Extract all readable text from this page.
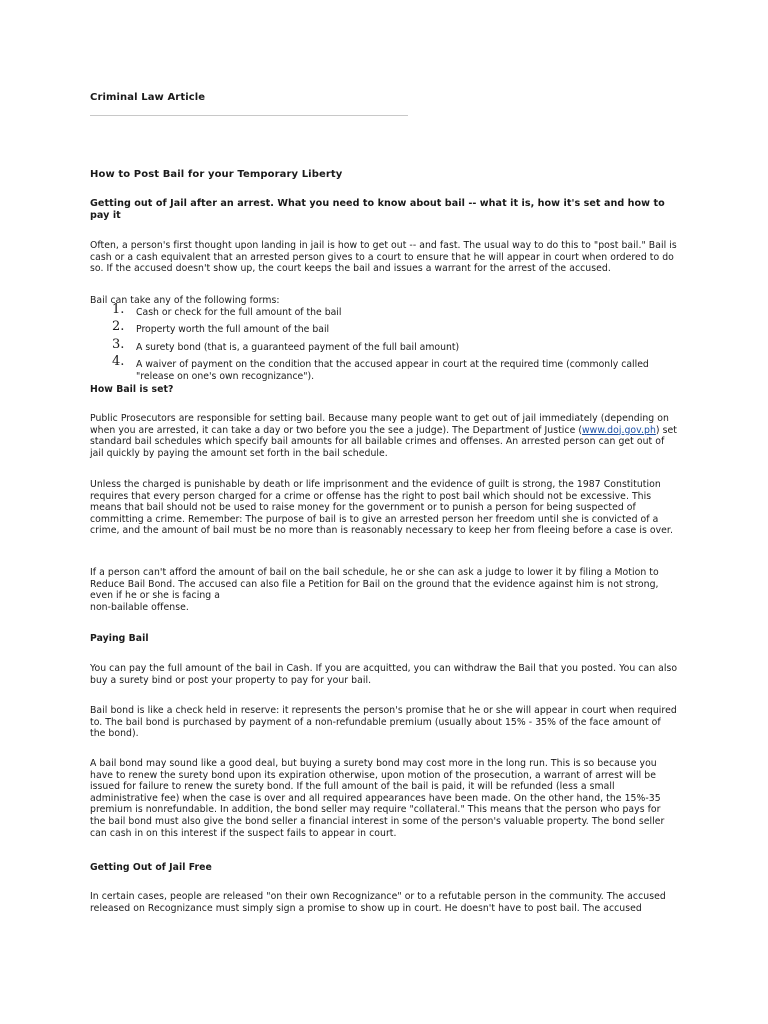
Criminal Law Article
How to Post Bail for your Temporary Liberty
Getting out of Jail after an arrest. What you need to know about bail -- what it is, how it's set and how to pay it
Often, a person's first thought upon landing in jail is how to get out -- and fast. The usual way to do this to "post bail." Bail is cash or a cash equivalent that an arrested person gives to a court to ensure that he will appear in court when ordered to do so. If the accused doesn't show up, the court keeps the bail and issues a warrant for the arrest of the accused.
Bail can take any of the following forms:
1. Cash or check for the full amount of the bail
2. Property worth the full amount of the bail
3. A surety bond (that is, a guaranteed payment of the full bail amount)
4. A waiver of payment on the condition that the accused appear in court at the required time (commonly called "release on one's own recognizance").
How Bail is set?
Public Prosecutors are responsible for setting bail. Because many people want to get out of jail immediately (depending on when you are arrested, it can take a day or two before you the see a judge). The Department of Justice (www.doj.gov.ph) set standard bail schedules which specify bail amounts for all bailable crimes and offenses. An arrested person can get out of jail quickly by paying the amount set forth in the bail schedule.
Unless the charged is punishable by death or life imprisonment and the evidence of guilt is strong, the 1987 Constitution requires that every person charged for a crime or offense has the right to post bail which should not be excessive. This means that bail should not be used to raise money for the government or to punish a person for being suspected of committing a crime. Remember: The purpose of bail is to give an arrested person her freedom until she is convicted of a crime, and the amount of bail must be no more than is reasonably necessary to keep her from fleeing before a case is over.
If a person can't afford the amount of bail on the bail schedule, he or she can ask a judge to lower it by filing a Motion to Reduce Bail Bond. The accused can also file a Petition for Bail on the ground that the evidence against him is not strong, even if he or she is facing a
non-bailable offense.
Paying Bail
You can pay the full amount of the bail in Cash. If you are acquitted, you can withdraw the Bail that you posted. You can also buy a surety bind or post your property to pay for your bail.
Bail bond is like a check held in reserve: it represents the person's promise that he or she will appear in court when required to. The bail bond is purchased by payment of a non-refundable premium (usually about 15% - 35% of the face amount of the bond).
A bail bond may sound like a good deal, but buying a surety bond may cost more in the long run. This is so because you have to renew the surety bond upon its expiration otherwise, upon motion of the prosecution, a warrant of arrest will be issued for failure to renew the surety bond. If the full amount of the bail is paid, it will be refunded (less a small administrative fee) when the case is over and all required appearances have been made. On the other hand, the 15%-35 premium is nonrefundable. In addition, the bond seller may require "collateral." This means that the person who pays for the bail bond must also give the bond seller a financial interest in some of the person's valuable property. The bond seller can cash in on this interest if the suspect fails to appear in court.
Getting Out of Jail Free
In certain cases, people are released "on their own Recognizance" or to a refutable person in the community. The accused released on Recognizance must simply sign a promise to show up in court. He doesn't have to post bail. The accused
